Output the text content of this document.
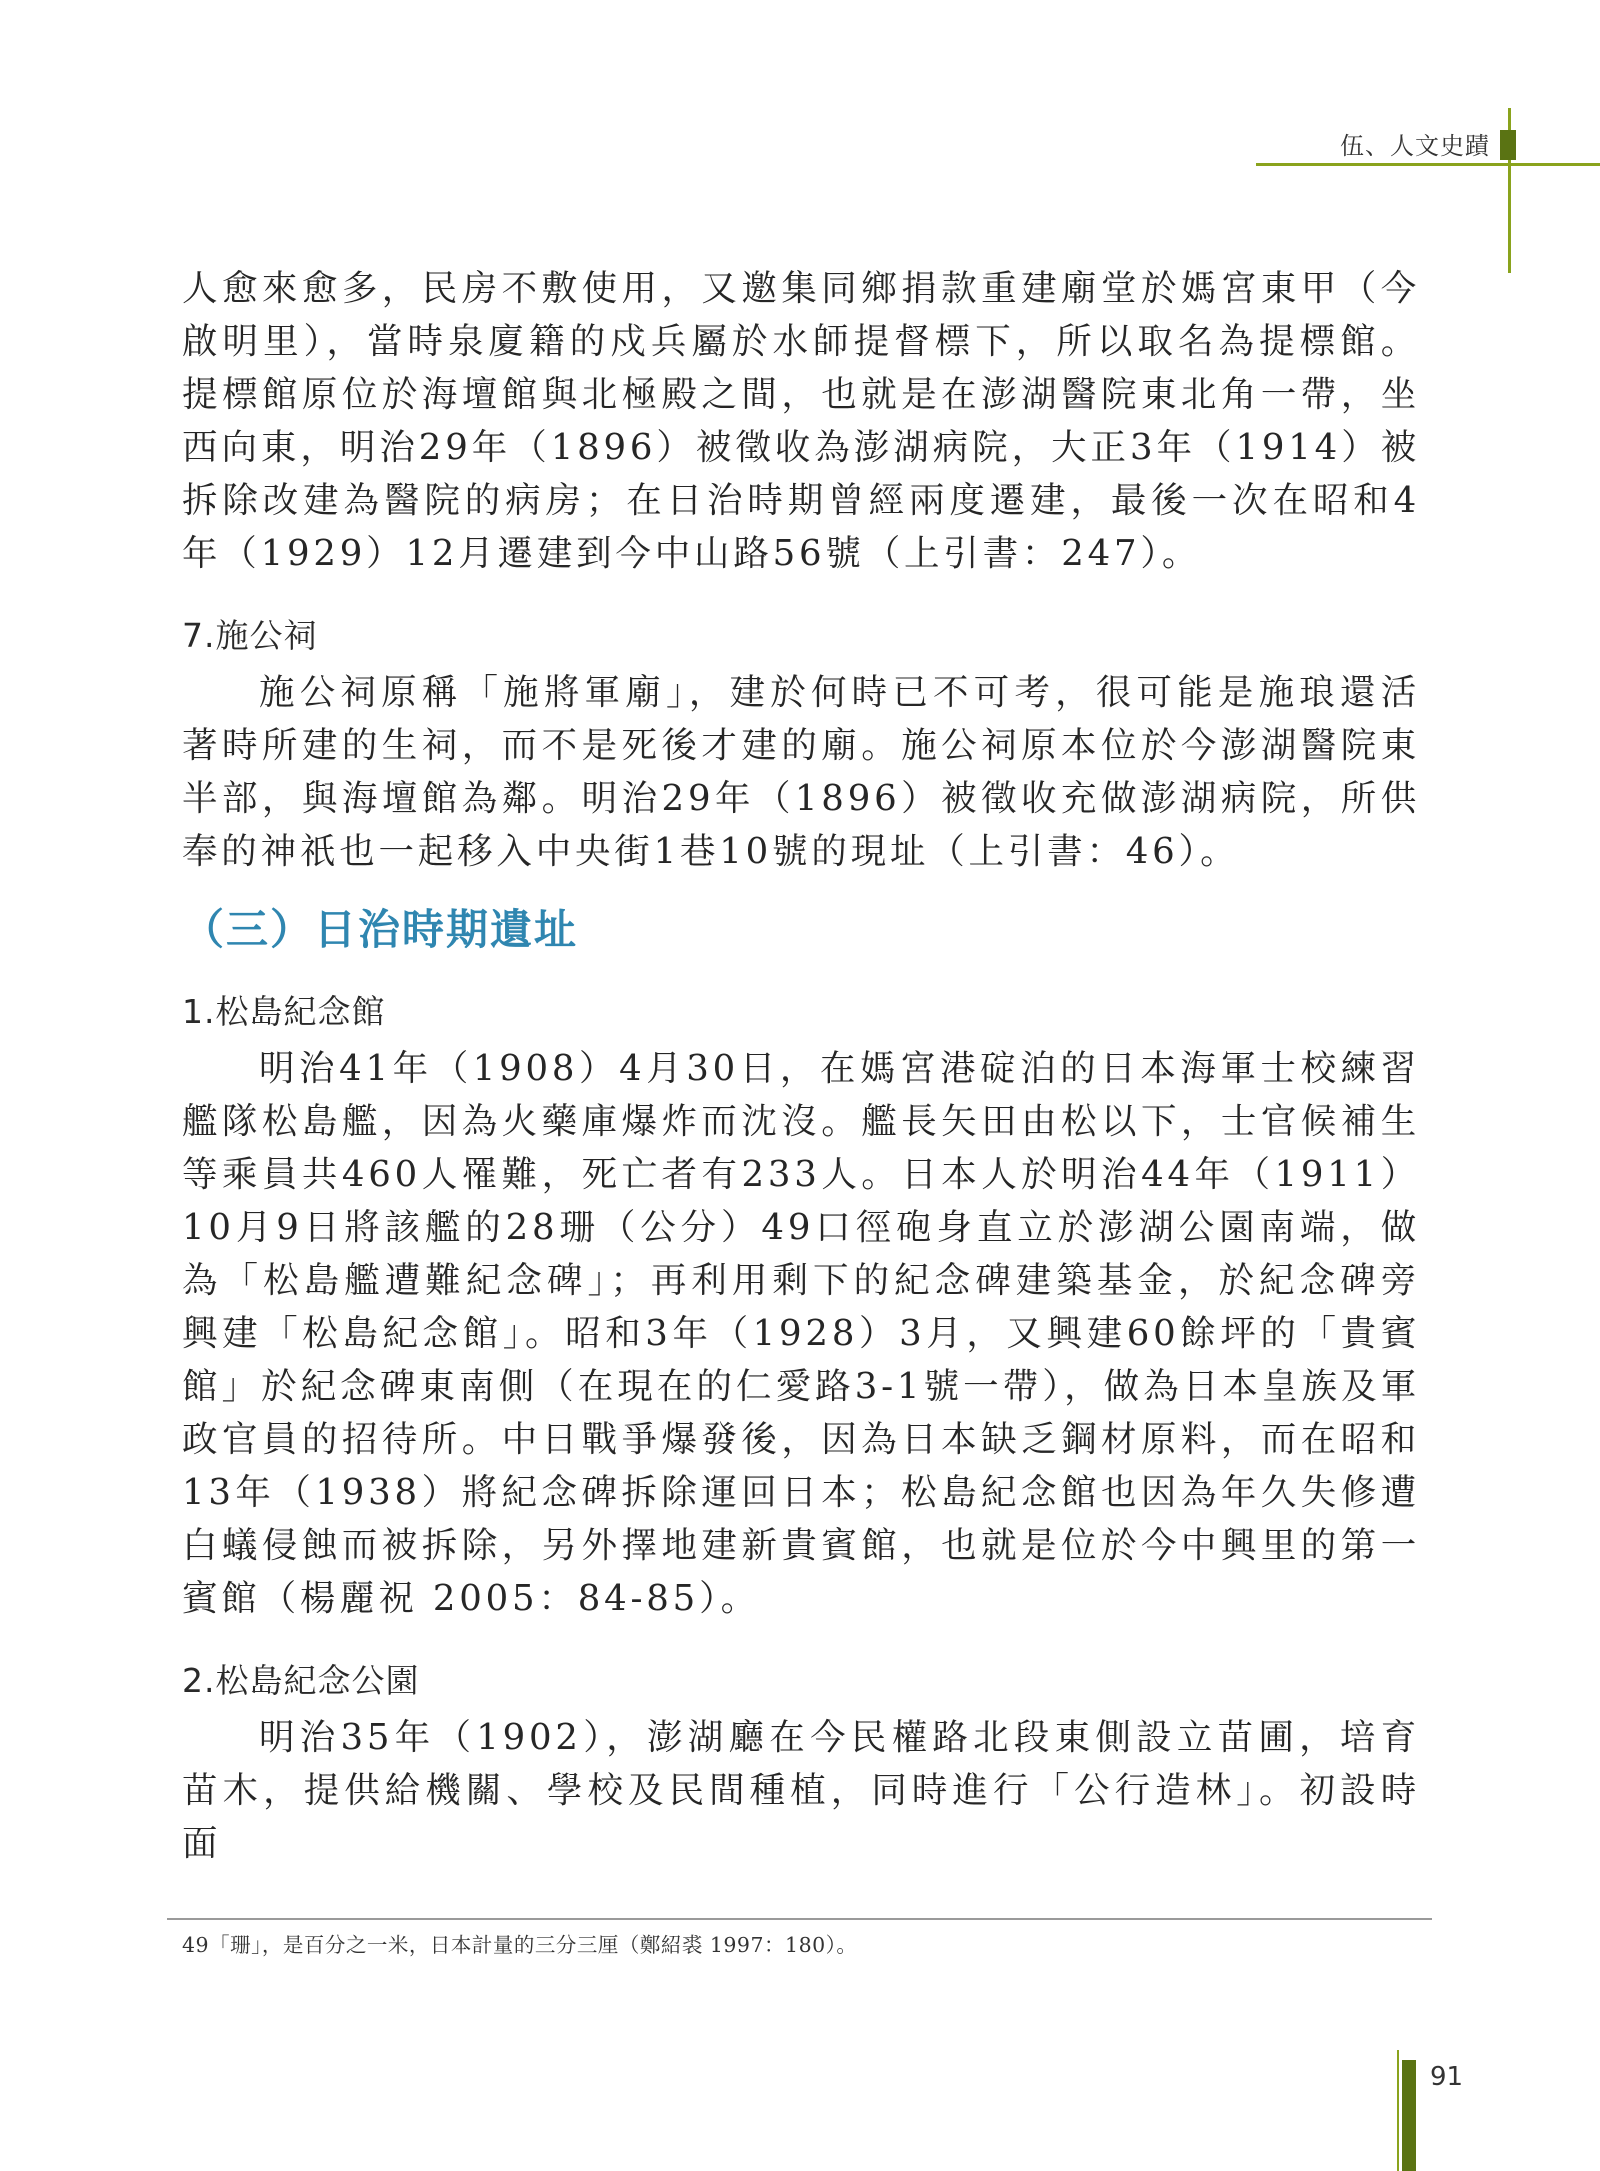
伍、人文史蹟

人愈來愈多，民房不敷使用，又邀集同鄉捐款重建廟堂於媽宮東甲（今啟明里），當時泉廈籍的戍兵屬於水師提督標下，所以取名為提標館。提標館原位於海壇館與北極殿之間，也就是在澎湖醫院東北角一帶，坐西向東，明治29年（1896）被徵收為澎湖病院，大正3年（1914）被拆除改建為醫院的病房；在日治時期曾經兩度遷建，最後一次在昭和4年（1929）12月遷建到今中山路56號（上引書：247）。

7.施公祠

施公祠原稱「施將軍廟」，建於何時已不可考，很可能是施琅還活著時所建的生祠，而不是死後才建的廟。施公祠原本位於今澎湖醫院東半部，與海壇館為鄰。明治29年（1896）被徵收充做澎湖病院，所供奉的神祇也一起移入中央街1巷10號的現址（上引書：46）。

（三）日治時期遺址
1.松島紀念館

明治41年（1908）4月30日，在媽宮港碇泊的日本海軍士校練習艦隊松島艦，因為火藥庫爆炸而沈沒。艦長矢田由松以下，士官候補生等乘員共460人罹難，死亡者有233人。日本人於明治44年（1911）10月9日將該艦的28珊（公分）49口徑砲身直立於澎湖公園南端，做為「松島艦遭難紀念碑」；再利用剩下的紀念碑建築基金，於紀念碑旁興建「松島紀念館」。昭和3年（1928）3月，又興建60餘坪的「貴賓館」於紀念碑東南側（在現在的仁愛路3-1號一帶），做為日本皇族及軍政官員的招待所。中日戰爭爆發後，因為日本缺乏鋼材原料，而在昭和13年（1938）將紀念碑拆除運回日本；松島紀念館也因為年久失修遭白蟻侵蝕而被拆除，另外擇地建新貴賓館，也就是位於今中興里的第一賓館（楊麗祝 2005：84-85）。

2.松島紀念公園

明治35年（1902），澎湖廳在今民權路北段東側設立苗圃，培育苗木，提供給機關、學校及民間種植，同時進行「公行造林」。初設時面

49「珊」，是百分之一米，日本計量的三分三厘（鄭紹裘 1997：180）。
91
